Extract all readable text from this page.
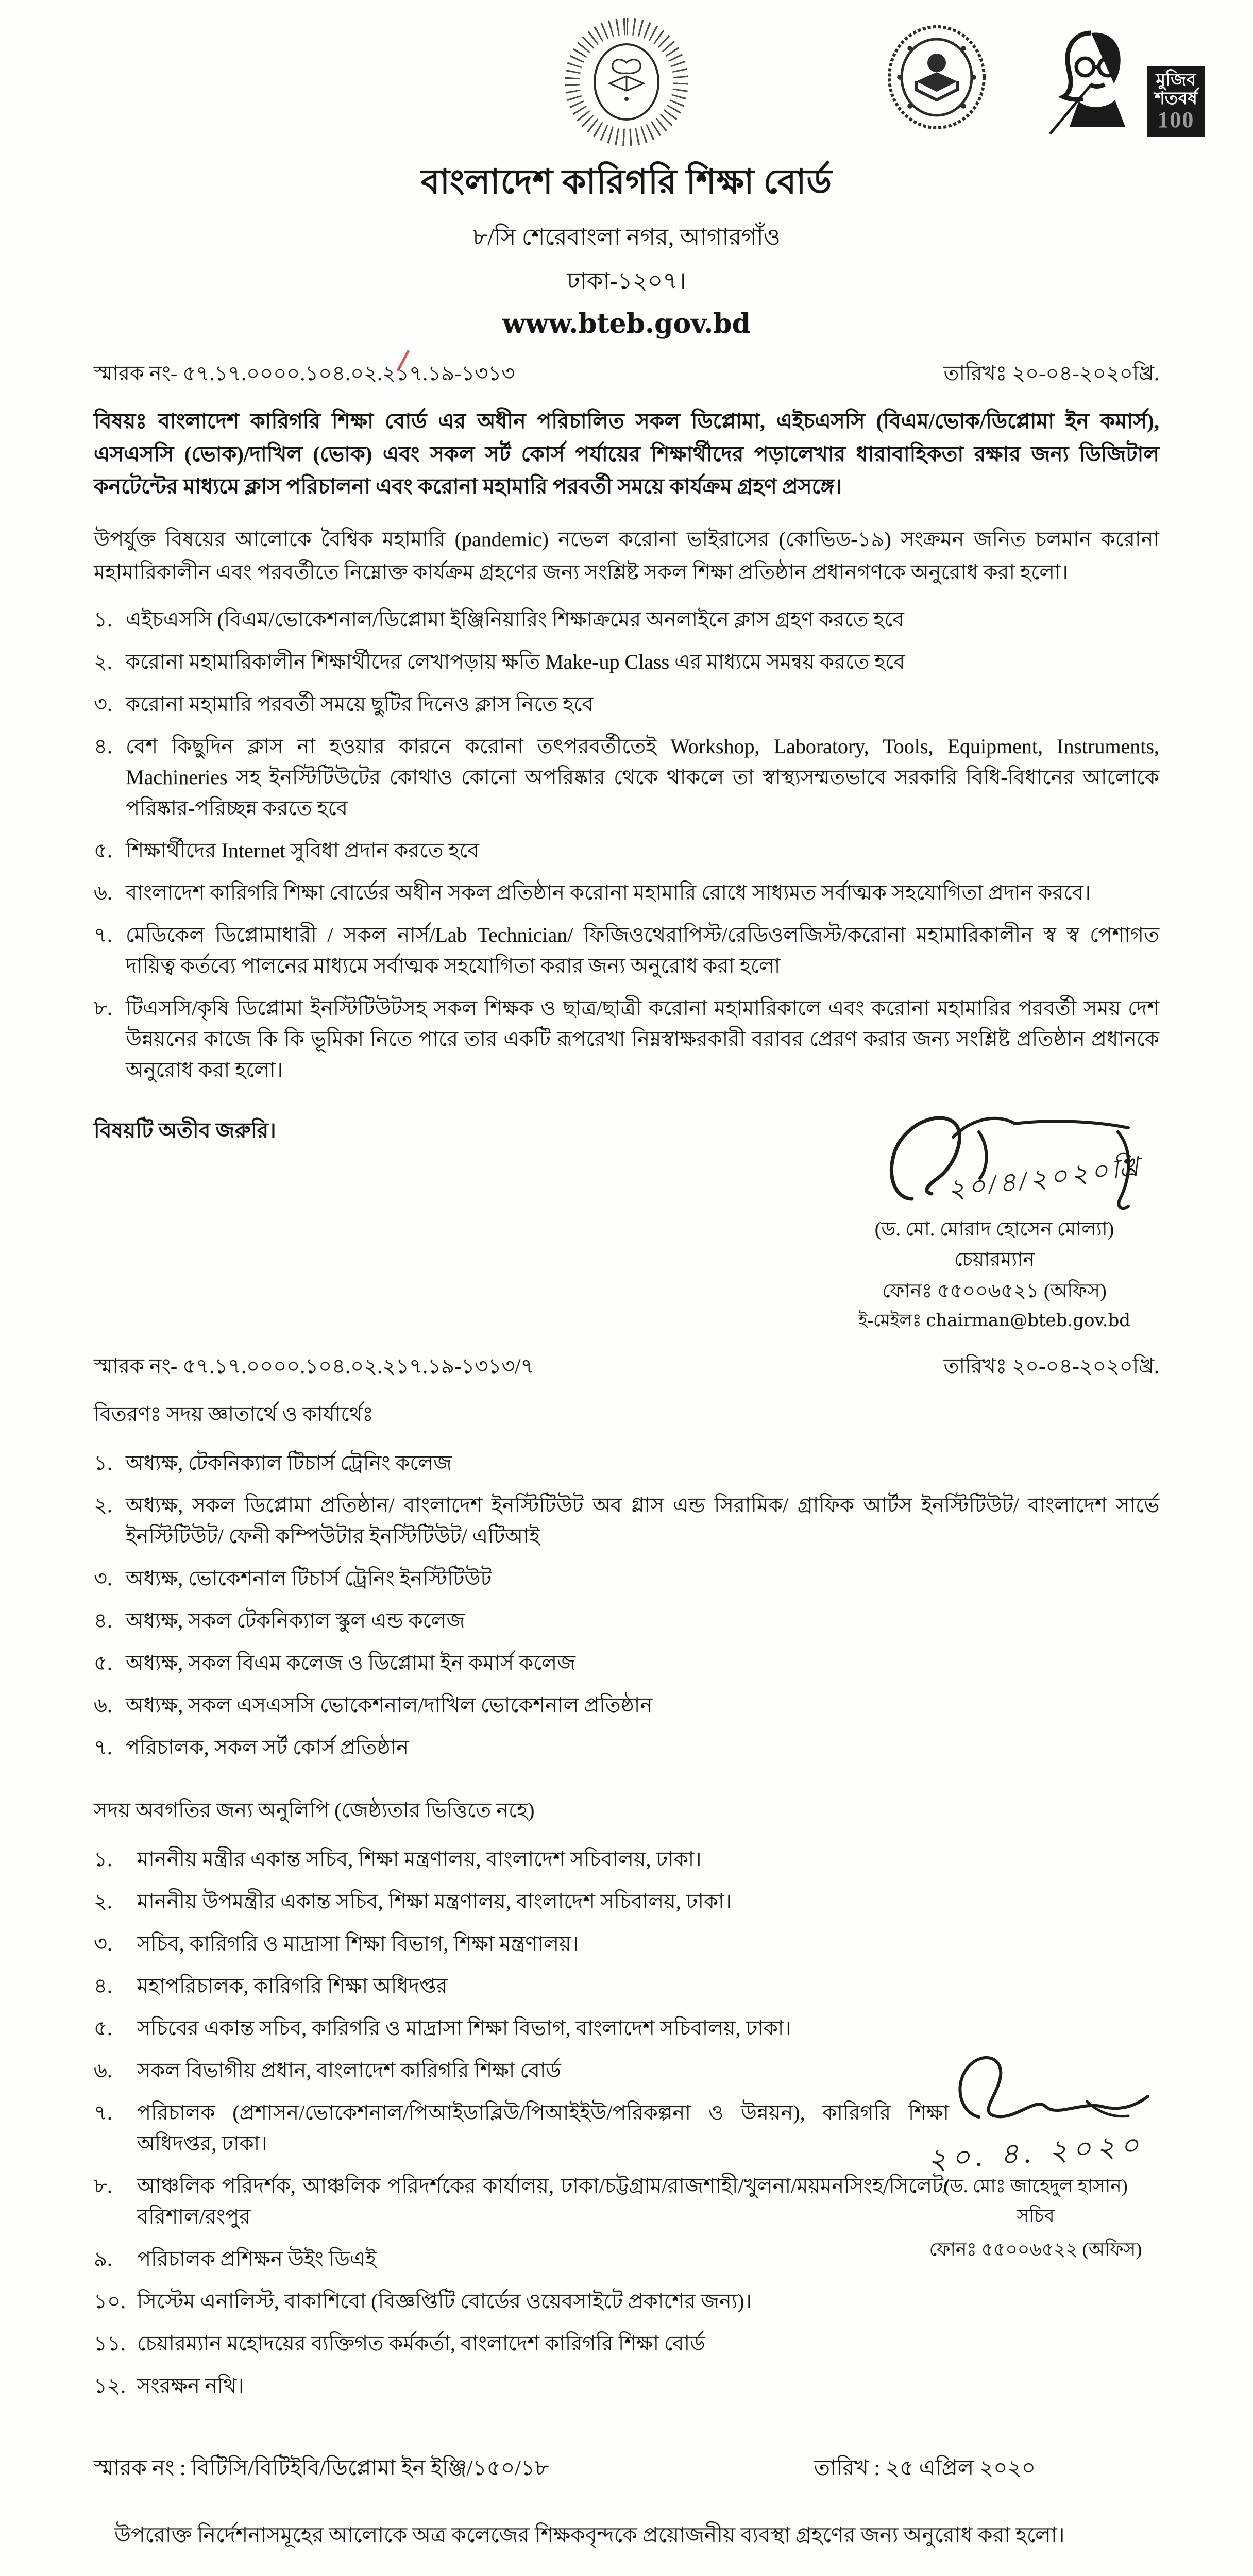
বাংলাদেশ কারিগরি শিক্ষা বোর্ড
৮/সি শেরেবাংলা নগর, আগারগাঁও
ঢাকা-১২০৭।
www.bteb.gov.bd
মুজিব
শতবর্ষ
100
স্মারক নং- ৫৭.১৭.০০০০.১০৪.০২.২১৭.১৯-১৩১৩	তারিখঃ ২০-০৪-২০২০খ্রি.
বিষয়ঃ বাংলাদেশ কারিগরি শিক্ষা বোর্ড এর অধীন পরিচালিত সকল ডিপ্লোমা, এইচএসসি (বিএম/ভোক/ডিপ্লোমা ইন কমার্স), এসএসসি (ভোক)/দাখিল (ভোক) এবং সকল সর্ট কোর্স পর্যায়ের শিক্ষার্থীদের পড়ালেখার ধারাবাহিকতা রক্ষার জন্য ডিজিটাল কনটেন্টের মাধ্যমে ক্লাস পরিচালনা এবং করোনা মহামারি পরবর্তী সময়ে কার্যক্রম গ্রহণ প্রসঙ্গে।
উপর্যুক্ত বিষয়ের আলোকে বৈশ্বিক মহামারি (pandemic) নভেল করোনা ভাইরাসের (কোভিড-১৯) সংক্রমন জনিত চলমান করোনা মহামারিকালীন এবং পরবর্তীতে নিম্নোক্ত কার্যক্রম গ্রহণের জন্য সংশ্লিষ্ট সকল শিক্ষা প্রতিষ্ঠান প্রধানগণকে অনুরোধ করা হলো।
১. এইচএসসি (বিএম/ভোকেশনাল/ডিপ্লোমা ইঞ্জিনিয়ারিং শিক্ষাক্রমের অনলাইনে ক্লাস গ্রহণ করতে হবে
২. করোনা মহামারিকালীন শিক্ষার্থীদের লেখাপড়ায় ক্ষতি Make-up Class এর মাধ্যমে সমন্বয় করতে হবে
৩. করোনা মহামারি পরবর্তী সময়ে ছুটির দিনেও ক্লাস নিতে হবে
৪. বেশ কিছুদিন ক্লাস না হওয়ার কারনে করোনা তৎপরবর্তীতেই Workshop, Laboratory, Tools, Equipment, Instruments, Machineries সহ ইনস্টিটিউটের কোথাও কোনো অপরিষ্কার থেকে থাকলে তা স্বাস্থ্যসম্মতভাবে সরকারি বিধি-বিধানের আলোকে পরিষ্কার-পরিচ্ছন্ন করতে হবে
৫. শিক্ষার্থীদের Internet সুবিধা প্রদান করতে হবে
৬. বাংলাদেশ কারিগরি শিক্ষা বোর্ডের অধীন সকল প্রতিষ্ঠান করোনা মহামারি রোধে সাধ্যমত সর্বাত্মক সহযোগিতা প্রদান করবে।
৭. মেডিকেল ডিপ্লোমাধারী / সকল নার্স/Lab Technician/ ফিজিওথেরাপিস্ট/রেডিওলজিস্ট/করোনা মহামারিকালীন স্ব স্ব পেশাগত দায়িত্ব কর্তব্যে পালনের মাধ্যমে সর্বাত্মক সহযোগিতা করার জন্য অনুরোধ করা হলো
৮. টিএসসি/কৃষি ডিপ্লোমা ইনস্টিটিউটসহ সকল শিক্ষক ও ছাত্র/ছাত্রী করোনা মহামারিকালে এবং করোনা মহামারির পরবর্তী সময় দেশ উন্নয়নের কাজে কি কি ভূমিকা নিতে পারে তার একটি রূপরেখা নিম্নস্বাক্ষরকারী বরাবর প্রেরণ করার জন্য সংশ্লিষ্ট প্রতিষ্ঠান প্রধানকে অনুরোধ করা হলো।
বিষয়টি অতীব জরুরি।
২০/৪/২০২০খ্রি
(ড. মো. মোরাদ হোসেন মোল্যা)
চেয়ারম্যান
ফোনঃ ৫৫০০৬৫২১ (অফিস)
ই-মেইলঃ chairman@bteb.gov.bd
স্মারক নং- ৫৭.১৭.০০০০.১০৪.০২.২১৭.১৯-১৩১৩/৭	তারিখঃ ২০-০৪-২০২০খ্রি.
বিতরণঃ সদয় জ্ঞাতার্থে ও কার্যার্থেঃ
১. অধ্যক্ষ, টেকনিক্যাল টিচার্স ট্রেনিং কলেজ
২. অধ্যক্ষ, সকল ডিপ্লোমা প্রতিষ্ঠান/ বাংলাদেশ ইনস্টিটিউট অব গ্লাস এন্ড সিরামিক/ গ্রাফিক আর্টস ইনস্টিটিউট/ বাংলাদেশ সার্ভে ইনস্টিটিউট/ ফেনী কম্পিউটার ইনস্টিটিউট/ এটিআই
৩. অধ্যক্ষ, ভোকেশনাল টিচার্স ট্রেনিং ইনস্টিটিউট
৪. অধ্যক্ষ, সকল টেকনিক্যাল স্কুল এন্ড কলেজ
৫. অধ্যক্ষ, সকল বিএম কলেজ ও ডিপ্লোমা ইন কমার্স কলেজ
৬. অধ্যক্ষ, সকল এসএসসি ভোকেশনাল/দাখিল ভোকেশনাল প্রতিষ্ঠান
৭. পরিচালক, সকল সর্ট কোর্স প্রতিষ্ঠান
সদয় অবগতির জন্য অনুলিপি (জেষ্ঠ্যতার ভিত্তিতে নহে)
১.	মাননীয় মন্ত্রীর একান্ত সচিব, শিক্ষা মন্ত্রণালয়, বাংলাদেশ সচিবালয়, ঢাকা।
২.	মাননীয় উপমন্ত্রীর একান্ত সচিব, শিক্ষা মন্ত্রণালয়, বাংলাদেশ সচিবালয়, ঢাকা।
৩.	সচিব, কারিগরি ও মাদ্রাসা শিক্ষা বিভাগ, শিক্ষা মন্ত্রণালয়।
৪.	মহাপরিচালক, কারিগরি শিক্ষা অধিদপ্তর
৫.	সচিবের একান্ত সচিব, কারিগরি ও মাদ্রাসা শিক্ষা বিভাগ, বাংলাদেশ সচিবালয়, ঢাকা।
৬.	সকল বিভাগীয় প্রধান, বাংলাদেশ কারিগরি শিক্ষা বোর্ড
৭.	পরিচালক (প্রশাসন/ভোকেশনাল/পিআইডাব্লিউ/পিআইইউ/পরিকল্পনা ও উন্নয়ন), কারিগরি শিক্ষা অধিদপ্তর, ঢাকা।
৮.	আঞ্চলিক পরিদর্শক, আঞ্চলিক পরিদর্শকের কার্যালয়, ঢাকা/চট্টগ্রাম/রাজশাহী/খুলনা/ময়মনসিংহ/সিলেট/বরিশাল/রংপুর
৯.	পরিচালক প্রশিক্ষন উইং ডিএই
১০. সিস্টেম এনালিস্ট, বাকাশিবো (বিজ্ঞপ্তিটি বোর্ডের ওয়েবসাইটে প্রকাশের জন্য)।
১১. চেয়ারম্যান মহোদয়ের ব্যক্তিগত কর্মকর্তা, বাংলাদেশ কারিগরি শিক্ষা বোর্ড
১২. সংরক্ষন নথি।
২০. ৪. ২০২০
(ড. মোঃ জাহেদুল হাসান)
সচিব
ফোনঃ ৫৫০০৬৫২২ (অফিস)
স্মারক নং : বিটিসি/বিটিইবি/ডিপ্লোমা ইন ইঞ্জি/১৫০/১৮	তারিখ : ২৫ এপ্রিল ২০২০
উপরোক্ত নির্দেশনাসমূহের আলোকে অত্র কলেজের শিক্ষকবৃন্দকে প্রয়োজনীয় ব্যবস্থা গ্রহণের জন্য অনুরোধ করা হলো।
